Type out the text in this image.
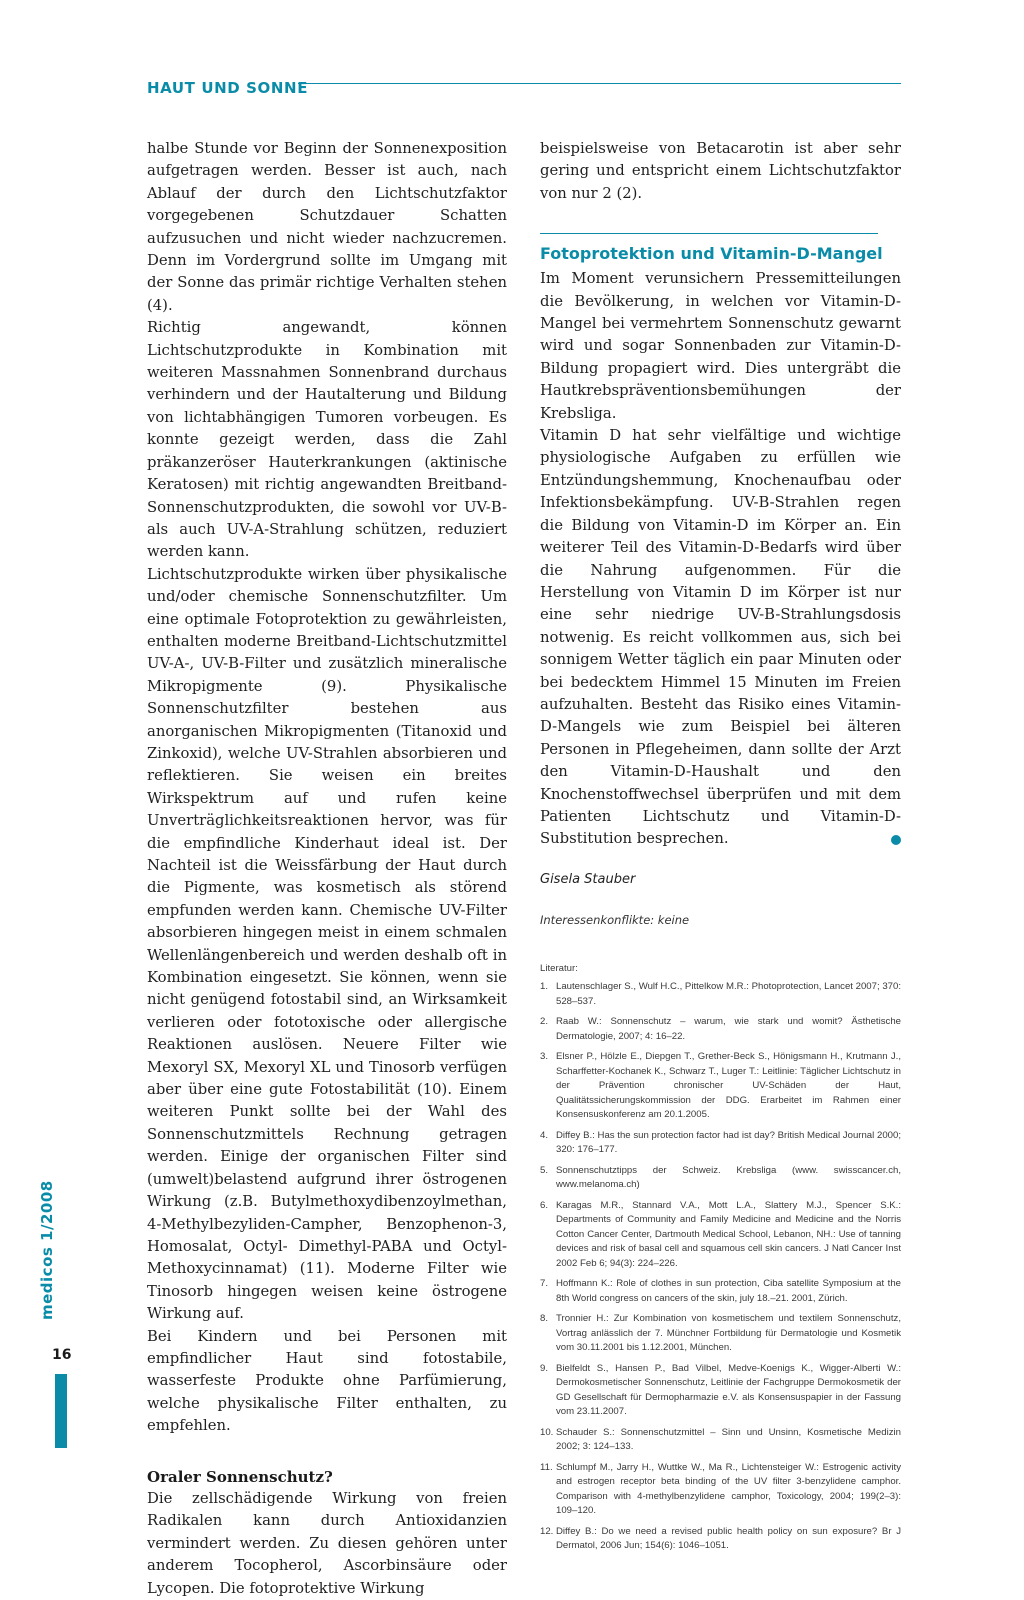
HAUT UND SONNE

halbe Stunde vor Beginn der Sonnenexposition aufgetragen werden. Besser ist auch, nach Ablauf der durch den Lichtschutzfaktor vorgegebenen Schutzdauer Schatten aufzusuchen und nicht wieder nachzucremen. Denn im Vordergrund sollte im Umgang mit der Sonne das primär richtige Verhalten stehen (4).

Richtig angewandt, können Lichtschutzprodukte in Kombination mit weiteren Massnahmen Sonnenbrand durchaus verhindern und der Hautalterung und Bildung von lichtabhängigen Tumoren vorbeugen. Es konnte gezeigt werden, dass die Zahl präkanzeröser Hauterkrankungen (aktinische Keratosen) mit richtig angewandten Breitband-Sonnenschutzprodukten, die sowohl vor UV-B- als auch UV-A-Strahlung schützen, reduziert werden kann.

Lichtschutzprodukte wirken über physikalische und/oder chemische Sonnenschutzfilter. Um eine optimale Fotoprotektion zu gewährleisten, enthalten moderne Breitband-Lichtschutzmittel UV-A-, UV-B-Filter und zusätzlich mineralische Mikropigmente (9). Physikalische Sonnenschutzfilter bestehen aus anorganischen Mikropigmenten (Titanoxid und Zinkoxid), welche UV-Strahlen absorbieren und reflektieren. Sie weisen ein breites Wirkspektrum auf und rufen keine Unverträglichkeitsreaktionen hervor, was für die empfindliche Kinderhaut ideal ist. Der Nachteil ist die Weissfärbung der Haut durch die Pigmente, was kosmetisch als störend empfunden werden kann. Chemische UV-Filter absorbieren hingegen meist in einem schmalen Wellenlängenbereich und werden deshalb oft in Kombination eingesetzt. Sie können, wenn sie nicht genügend fotostabil sind, an Wirksamkeit verlieren oder fototoxische oder allergische Reaktionen auslösen. Neuere Filter wie Mexoryl SX, Mexoryl XL und Tinosorb verfügen aber über eine gute Fotostabilität (10). Einem weiteren Punkt sollte bei der Wahl des Sonnenschutzmittels Rechnung getragen werden. Einige der organischen Filter sind (umwelt)belastend aufgrund ihrer östrogenen Wirkung (z.B. Butylmethoxydibenzoylmethan, 4-Methylbezyliden-Campher, Benzophenon-3, Homosalat, Octyl- Dimethyl-PABA und Octyl-Methoxycinnamat) (11). Moderne Filter wie Tinosorb hingegen weisen keine östrogene Wirkung auf.

Bei Kindern und bei Personen mit empfindlicher Haut sind fotostabile, wasserfeste Produkte ohne Parfümierung, welche physikalische Filter enthalten, zu empfehlen.

Oraler Sonnenschutz?

Die zellschädigende Wirkung von freien Radikalen kann durch Antioxidanzien vermindert werden. Zu diesen gehören unter anderem Tocopherol, Ascorbinsäure oder Lycopen. Die fotoprotektive Wirkung

beispielsweise von Betacarotin ist aber sehr gering und entspricht einem Lichtschutzfaktor von nur 2 (2).

Fotoprotektion und Vitamin-D-Mangel

Im Moment verunsichern Pressemitteilungen die Bevölkerung, in welchen vor Vitamin-D-Mangel bei vermehrtem Sonnenschutz gewarnt wird und sogar Sonnenbaden zur Vitamin-D-Bildung propagiert wird. Dies untergräbt die Hautkrebspräventionsbemühungen der Krebsliga.

Vitamin D hat sehr vielfältige und wichtige physiologische Aufgaben zu erfüllen wie Entzündungshemmung, Knochenaufbau oder Infektionsbekämpfung. UV-B-Strahlen regen die Bildung von Vitamin-D im Körper an. Ein weiterer Teil des Vitamin-D-Bedarfs wird über die Nahrung aufgenommen. Für die Herstellung von Vitamin D im Körper ist nur eine sehr niedrige UV-B-Strahlungsdosis notwenig. Es reicht vollkommen aus, sich bei sonnigem Wetter täglich ein paar Minuten oder bei bedecktem Himmel 15 Minuten im Freien aufzuhalten. Besteht das Risiko eines Vitamin-D-Mangels wie zum Beispiel bei älteren Personen in Pflegeheimen, dann sollte der Arzt den Vitamin-D-Haushalt und den Knochenstoffwechsel überprüfen und mit dem Patienten Lichtschutz und Vitamin-D-Substitution besprechen.

Gisela Stauber
Interessenkonflikte: keine
Literatur:
1. Lautenschlager S., Wulf H.C., Pittelkow M.R.: Photoprotection, Lancet 2007; 370: 528–537.
2. Raab W.: Sonnenschutz – warum, wie stark und womit? Ästhetische Dermatologie, 2007; 4: 16–22.
3. Elsner P., Hölzle E., Diepgen T., Grether-Beck S., Hönigsmann H., Krutmann J., Scharffetter-Kochanek K., Schwarz T., Luger T.: Leitlinie: Täglicher Lichtschutz in der Prävention chronischer UV-Schäden der Haut, Qualitätssicherungskommission der DDG. Erarbeitet im Rahmen einer Konsensuskonferenz am 20.1.2005.
4. Diffey B.: Has the sun protection factor had ist day? British Medical Journal 2000; 320: 176–177.
5. Sonnenschutztipps der Schweiz. Krebsliga (www. swisscancer.ch, www.melanoma.ch)
6. Karagas M.R., Stannard V.A., Mott L.A., Slattery M.J., Spencer S.K.: Departments of Community and Family Medicine and Medicine and the Norris Cotton Cancer Center, Dartmouth Medical School, Lebanon, NH.: Use of tanning devices and risk of basal cell and squamous cell skin cancers. J Natl Cancer Inst 2002 Feb 6; 94(3): 224–226.
7. Hoffmann K.: Role of clothes in sun protection, Ciba satellite Symposium at the 8th World congress on cancers of the skin, july 18.–21. 2001, Zürich.
8. Tronnier H.: Zur Kombination von kosmetischem und textilem Sonnenschutz, Vortrag anlässlich der 7. Münchner Fortbildung für Dermatologie und Kosmetik vom 30.11.2001 bis 1.12.2001, München.
9. Bielfeldt S., Hansen P., Bad Vilbel, Medve-Koenigs K., Wigger-Alberti W.: Dermokosmetischer Sonnenschutz, Leitlinie der Fachgruppe Dermokosmetik der GD Gesellschaft für Dermopharmazie e.V. als Konsensuspapier in der Fassung vom 23.11.2007.
10. Schauder S.: Sonnenschutzmittel – Sinn und Unsinn, Kosmetische Medizin 2002; 3: 124–133.
11. Schlumpf M., Jarry H., Wuttke W., Ma R., Lichtensteiger W.: Estrogenic activity and estrogen receptor beta binding of the UV filter 3-benzylidene camphor. Comparison with 4-methylbenzylidene camphor, Toxicology, 2004; 199(2–3): 109–120.
12. Diffey B.: Do we need a revised public health policy on sun exposure? Br J Dermatol, 2006 Jun; 154(6): 1046–1051.
medicos 1/2008
16
